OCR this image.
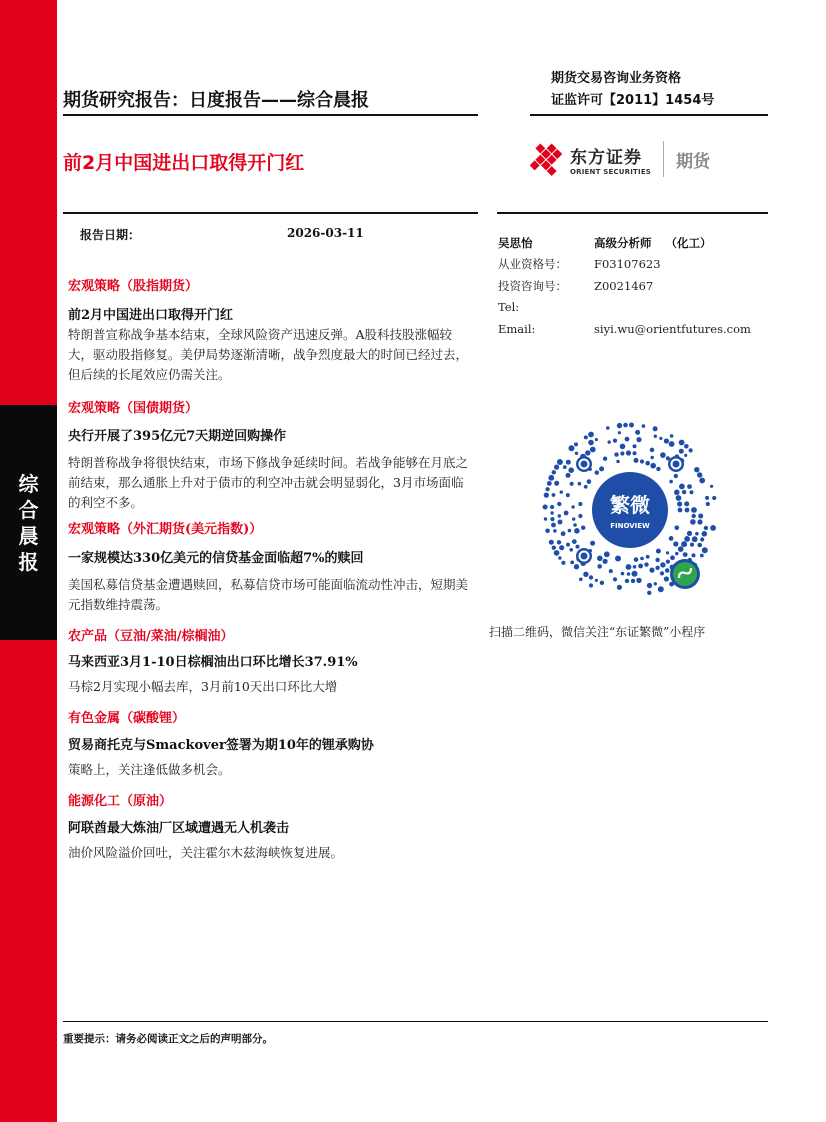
综
合
晨
报
期货交易咨询业务资格
证监许可【2011】1454号
期货研究报告：日度报告——综合晨报
前2月中国进出口取得开门红	东方证券
ORIENT SECURITIES 期货
报告日期：	2026-03-11
宏观策略（股指期货）
前2月中国进出口取得开门红
特朗普宣称战争基本结束，全球风险资产迅速反弹。A股科技股涨幅较大，驱动股指修复。美伊局势逐渐清晰，战争烈度最大的时间已经过去，但后续的长尾效应仍需关注。
宏观策略（国债期货）
央行开展了395亿元7天期逆回购操作
特朗普称战争将很快结束，市场下修战争延续时间。若战争能够在月底之前结束，那么通胀上升对于债市的利空冲击就会明显弱化，3月市场面临的利空不多。
宏观策略（外汇期货(美元指数)）
一家规模达330亿美元的信贷基金面临超7%的赎回
美国私募信贷基金遭遇赎回，私募信贷市场可能面临流动性冲击，短期美元指数维持震荡。
农产品（豆油/菜油/棕榈油）
马来西亚3月1-10日棕榈油出口环比增长37.91%
马棕2月实现小幅去库，3月前10天出口环比大增
有色金属（碳酸锂）
贸易商托克与Smackover签署为期10年的锂承购协
策略上，关注逢低做多机会。
能源化工（原油）
阿联酋最大炼油厂区域遭遇无人机袭击
油价风险溢价回吐，关注霍尔木兹海峡恢复进展。
吴思怡	高级分析师 （化工）
从业资格号：	F03107623
投资咨询号：	Z0021467
Tel:
Email:	siyi.wu@orientfutures.com
繁微
FINOVIEW
扫描二维码，微信关注“东证繁微”小程序
重要提示：请务必阅读正文之后的声明部分。
